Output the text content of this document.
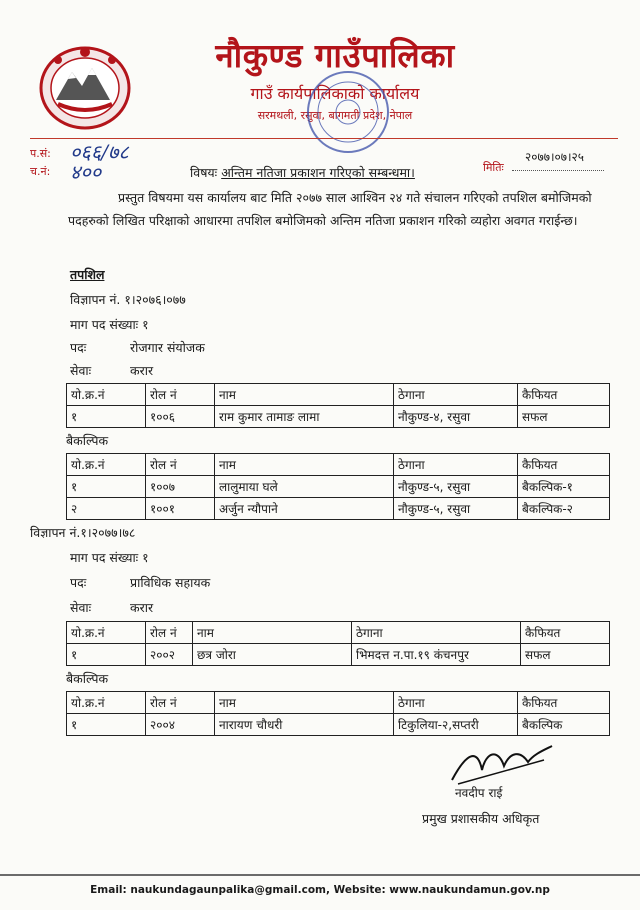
नौकुण्ड गाउँपालिका
गाउँ कार्यपालिकाको कार्यालय
सरमथली, रसुवा, बागमती प्रदेश, नेपाल
प.सं: ०६६/७८
च.नं: ४००
२०७७।०७।२५
मितिः
विषयः अन्तिम नतिजा प्रकाशन गरिएको सम्बन्धमा।
प्रस्तुत विषयमा यस कार्यालय बाट मिति २०७७ साल आश्विन २४ गते संचालन गरिएको तपशिल बमोजिमको पदहरुको लिखित परिक्षाको आधारमा तपशिल बमोजिमको अन्तिम नतिजा प्रकाशन गरिको व्यहोरा अवगत गराईन्छ।
तपशिल
विज्ञापन नं. १।२०७६।०७७
माग पद संख्याः १
पदः	रोजगार संयोजक
सेवाः	करार
यो.क्र.नं	रोल नं	नाम	ठेगाना	कैफियत
१	१००६	राम कुमार तामाङ लामा	नौकुण्ड-४, रसुवा	सफल
बैकल्पिक
यो.क्र.नं	रोल नं	नाम	ठेगाना	कैफियत
१	१००७	लालुमाया घले	नौकुण्ड-५, रसुवा	बैकल्पिक-१
२	१००१	अर्जुन न्यौपाने	नौकुण्ड-५, रसुवा	बैकल्पिक-२
विज्ञापन नं.१।२०७७।७८
माग पद संख्याः १
पदः	प्राविधिक सहायक
सेवाः	करार
यो.क्र.नं	रोल नं	नाम	ठेगाना	कैफियत
१	२००२	छत्र जोरा	भिमदत्त न.पा.१९ कंचनपुर	सफल
बैकल्पिक
यो.क्र.नं	रोल नं	नाम	ठेगाना	कैफियत
१	२००४	नारायण चौधरी	टिकुलिया-२,सप्तरी	बैकल्पिक
नवदीप राई
प्रमुख प्रशासकीय अधिकृत
Email: naukundagaunpalika@gmail.com, Website: www.naukundamun.gov.np
